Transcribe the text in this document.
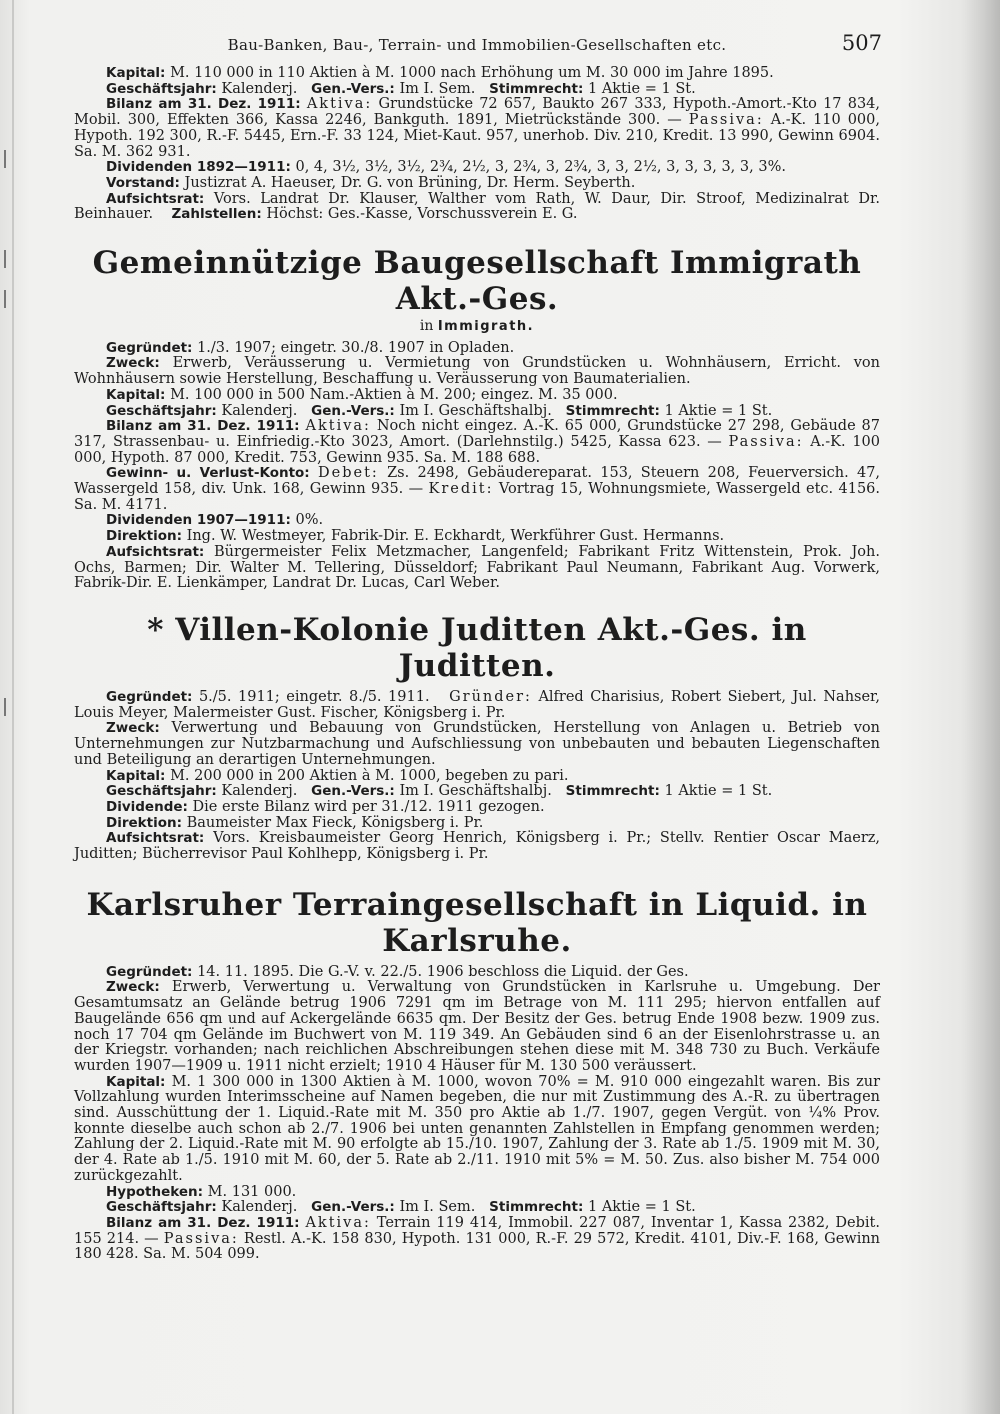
Bau-Banken, Bau-, Terrain- und Immobilien-Gesellschaften etc.	507

Kapital: M. 110 000 in 110 Aktien à M. 1000 nach Erhöhung um M. 30 000 im Jahre 1895.

Geschäftsjahr: Kalenderj. Gen.-Vers.: Im I. Sem. Stimmrecht: 1 Aktie = 1 St.

Bilanz am 31. Dez. 1911: Aktiva: Grundstücke 72 657, Baukto 267 333, Hypoth.-Amort.-Kto 17 834, Mobil. 300, Effekten 366, Kassa 2246, Bankguth. 1891, Mietrückstände 300. — Passiva: A.-K. 110 000, Hypoth. 192 300, R.-F. 5445, Ern.-F. 33 124, Miet-Kaut. 957, unerhob. Div. 210, Kredit. 13 990, Gewinn 6904. Sa. M. 362 931.

Dividenden 1892—1911: 0, 4, 3½, 3½, 3½, 2¾, 2½, 3, 2¾, 3, 2¾, 3, 3, 2½, 3, 3, 3, 3, 3, 3%.

Vorstand: Justizrat A. Haeuser, Dr. G. von Brüning, Dr. Herm. Seyberth.

Aufsichtsrat: Vors. Landrat Dr. Klauser, Walther vom Rath, W. Daur, Dir. Stroof, Medizinalrat Dr. Beinhauer. Zahlstellen: Höchst: Ges.-Kasse, Vorschussverein E. G.

Gemeinnützige Baugesellschaft Immigrath Akt.-Ges.

in Immigrath.

Gegründet: 1./3. 1907; eingetr. 30./8. 1907 in Opladen.

Zweck: Erwerb, Veräusserung u. Vermietung von Grundstücken u. Wohnhäusern, Erricht. von Wohnhäusern sowie Herstellung, Beschaffung u. Veräusserung von Baumaterialien.

Kapital: M. 100 000 in 500 Nam.-Aktien à M. 200; eingez. M. 35 000.

Geschäftsjahr: Kalenderj. Gen.-Vers.: Im I. Geschäftshalbj. Stimmrecht: 1 Aktie = 1 St.

Bilanz am 31. Dez. 1911: Aktiva: Noch nicht eingez. A.-K. 65 000, Grundstücke 27 298, Gebäude 87 317, Strassenbau- u. Einfriedig.-Kto 3023, Amort. (Darlehnstilg.) 5425, Kassa 623. — Passiva: A.-K. 100 000, Hypoth. 87 000, Kredit. 753, Gewinn 935. Sa. M. 188 688.

Gewinn- u. Verlust-Konto: Debet: Zs. 2498, Gebäudereparat. 153, Steuern 208, Feuerversich. 47, Wassergeld 158, div. Unk. 168, Gewinn 935. — Kredit: Vortrag 15, Wohnungsmiete, Wassergeld etc. 4156. Sa. M. 4171.

Dividenden 1907—1911: 0%.

Direktion: Ing. W. Westmeyer, Fabrik-Dir. E. Eckhardt, Werkführer Gust. Hermanns.

Aufsichtsrat: Bürgermeister Felix Metzmacher, Langenfeld; Fabrikant Fritz Wittenstein, Prok. Joh. Ochs, Barmen; Dir. Walter M. Tellering, Düsseldorf; Fabrikant Paul Neumann, Fabrikant Aug. Vorwerk, Fabrik-Dir. E. Lienkämper, Landrat Dr. Lucas, Carl Weber.

* Villen-Kolonie Juditten Akt.-Ges. in Juditten.

Gegründet: 5./5. 1911; eingetr. 8./5. 1911. Gründer: Alfred Charisius, Robert Siebert, Jul. Nahser, Louis Meyer, Malermeister Gust. Fischer, Königsberg i. Pr.

Zweck: Verwertung und Bebauung von Grundstücken, Herstellung von Anlagen u. Betrieb von Unternehmungen zur Nutzbarmachung und Aufschliessung von unbebauten und bebauten Liegenschaften und Beteiligung an derartigen Unternehmungen.

Kapital: M. 200 000 in 200 Aktien à M. 1000, begeben zu pari.

Geschäftsjahr: Kalenderj. Gen.-Vers.: Im I. Geschäftshalbj. Stimmrecht: 1 Aktie = 1 St.

Dividende: Die erste Bilanz wird per 31./12. 1911 gezogen.

Direktion: Baumeister Max Fieck, Königsberg i. Pr.

Aufsichtsrat: Vors. Kreisbaumeister Georg Henrich, Königsberg i. Pr.; Stellv. Rentier Oscar Maerz, Juditten; Bücherrevisor Paul Kohlhepp, Königsberg i. Pr.

Karlsruher Terraingesellschaft in Liquid. in Karlsruhe.

Gegründet: 14. 11. 1895. Die G.-V. v. 22./5. 1906 beschloss die Liquid. der Ges.

Zweck: Erwerb, Verwertung u. Verwaltung von Grundstücken in Karlsruhe u. Umgebung. Der Gesamtumsatz an Gelände betrug 1906 7291 qm im Betrage von M. 111 295; hiervon entfallen auf Baugelände 656 qm und auf Ackergelände 6635 qm. Der Besitz der Ges. betrug Ende 1908 bezw. 1909 zus. noch 17 704 qm Gelände im Buchwert von M. 119 349. An Gebäuden sind 6 an der Eisenlohrstrasse u. an der Kriegstr. vorhanden; nach reichlichen Abschreibungen stehen diese mit M. 348 730 zu Buch. Verkäufe wurden 1907—1909 u. 1911 nicht erzielt; 1910 4 Häuser für M. 130 500 veräussert.

Kapital: M. 1 300 000 in 1300 Aktien à M. 1000, wovon 70% = M. 910 000 eingezahlt waren. Bis zur Vollzahlung wurden Interimsscheine auf Namen begeben, die nur mit Zustimmung des A.-R. zu übertragen sind. Ausschüttung der 1. Liquid.-Rate mit M. 350 pro Aktie ab 1./7. 1907, gegen Vergüt. von ¼% Prov. konnte dieselbe auch schon ab 2./7. 1906 bei unten genannten Zahlstellen in Empfang genommen werden; Zahlung der 2. Liquid.-Rate mit M. 90 erfolgte ab 15./10. 1907, Zahlung der 3. Rate ab 1./5. 1909 mit M. 30, der 4. Rate ab 1./5. 1910 mit M. 60, der 5. Rate ab 2./11. 1910 mit 5% = M. 50. Zus. also bisher M. 754 000 zurückgezahlt.

Hypotheken: M. 131 000.

Geschäftsjahr: Kalenderj. Gen.-Vers.: Im I. Sem. Stimmrecht: 1 Aktie = 1 St.

Bilanz am 31. Dez. 1911: Aktiva: Terrain 119 414, Immobil. 227 087, Inventar 1, Kassa 2382, Debit. 155 214. — Passiva: Restl. A.-K. 158 830, Hypoth. 131 000, R.-F. 29 572, Kredit. 4101, Div.-F. 168, Gewinn 180 428. Sa. M. 504 099.
